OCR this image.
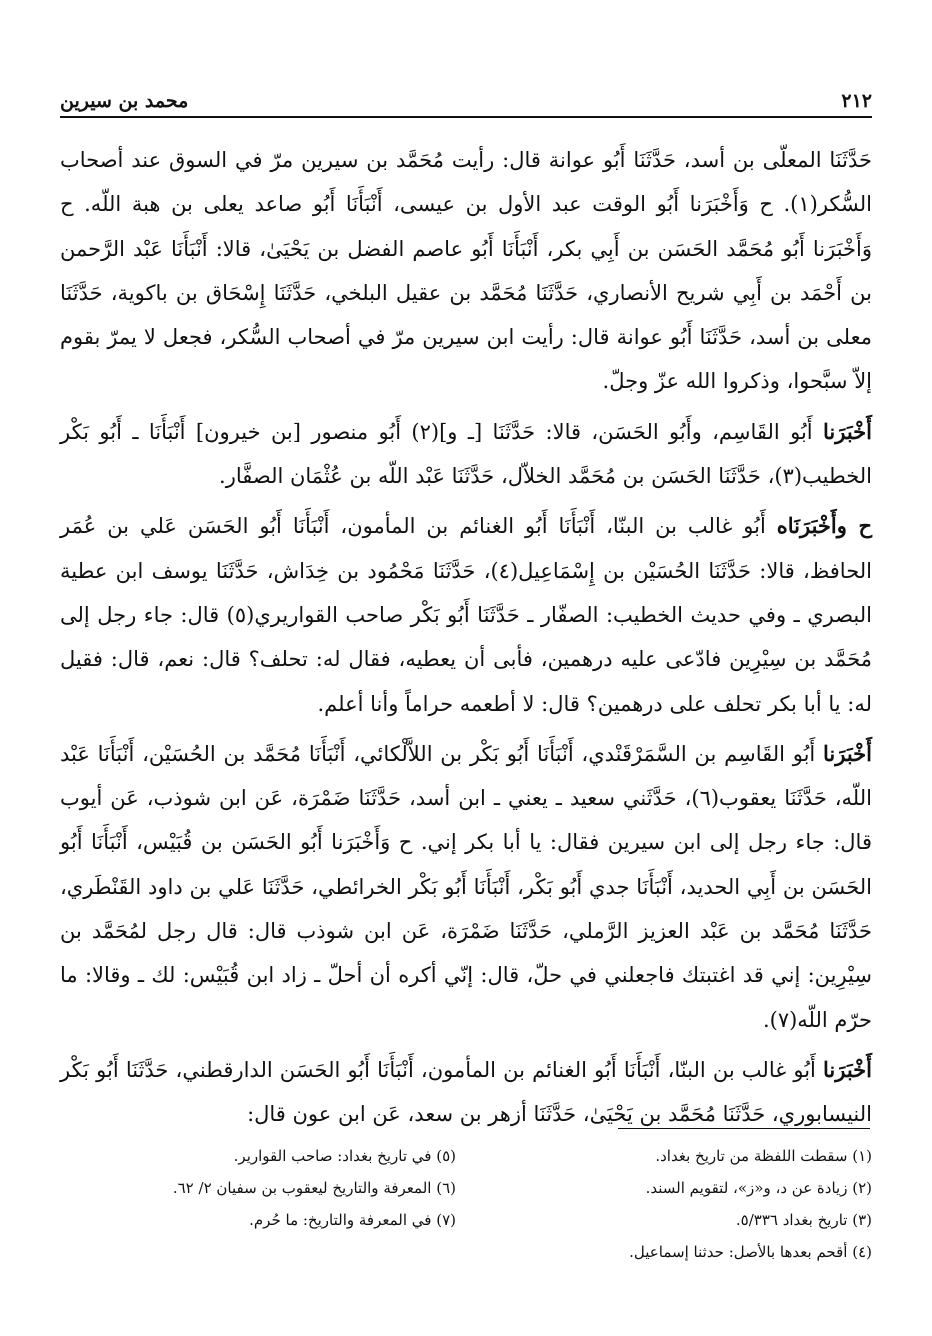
٢١٢
محمد بن سيرين

حَدَّثَنَا المعلّى بن أسد، حَدَّثَنَا أَبُو عوانة قال: رأيت مُحَمَّد بن سيرين مرّ في السوق عند أصحاب السُّكر(١). ح وَأَخْبَرَنا أَبُو الوقت عبد الأول بن عيسى، أَنْبَأَنَا أَبُو صاعد يعلى بن هبة اللّه. ح وَأَخْبَرَنا أَبُو مُحَمَّد الحَسَن بن أَبِي بكر، أَنْبَأَنَا أَبُو عاصم الفضل بن يَحْيَىٰ، قالا: أَنْبَأَنَا عَبْد الرَّحمن بن أَحْمَد بن أَبِي شريح الأنصاري، حَدَّثَنَا مُحَمَّد بن عقيل البلخي، حَدَّثَنَا إِسْحَاق بن باكوية، حَدَّثَنَا معلى بن أسد، حَدَّثَنَا أَبُو عوانة قال: رأيت ابن سيرين مرّ في أصحاب السُّكر، فجعل لا يمرّ بقوم إلاّ سبَّحوا، وذكروا الله عزّ وجلّ.

أَخْبَرَنا أَبُو القَاسِم، وأَبُو الحَسَن، قالا: حَدَّثَنَا [ـ و](٢) أَبُو منصور [بن خيرون] أَنْبَأَنَا ـ أَبُو بَكْر الخطيب(٣)، حَدَّثَنَا الحَسَن بن مُحَمَّد الخلاّل، حَدَّثَنَا عَبْد اللّه بن عُثْمَان الصفَّار.

ح وأَخْبَرَنَاه أَبُو غالب بن البنّا، أَنْبَأَنَا أَبُو الغنائم بن المأمون، أَنْبَأَنَا أَبُو الحَسَن عَلي بن عُمَر الحافظ، قالا: حَدَّثَنَا الحُسَيْن بن إِسْمَاعِيل(٤)، حَدَّثَنَا مَحْمُود بن خِدَاش، حَدَّثَنَا يوسف ابن عطية البصري ـ وفي حديث الخطيب: الصفّار ـ حَدَّثَنَا أَبُو بَكْر صاحب القواريري(٥) قال: جاء رجل إلى مُحَمَّد بن سِيْرِين فادّعى عليه درهمين، فأبى أن يعطيه، فقال له: تحلف؟ قال: نعم، قال: فقيل له: يا أبا بكر تحلف على درهمين؟ قال: لا أطعمه حراماً وأنا أعلم.

أَخْبَرَنا أَبُو القَاسِم بن السَّمَرْقَنْدي، أَنْبَأَنَا أَبُو بَكْر بن اللاَّلْكائي، أَنْبَأَنَا مُحَمَّد بن الحُسَيْن، أَنْبَأَنَا عَبْد اللّه، حَدَّثَنَا يعقوب(٦)، حَدَّثَني سعيد ـ يعني ـ ابن أسد، حَدَّثَنَا ضَمْرَة، عَن ابن شوذب، عَن أيوب قال: جاء رجل إلى ابن سيرين فقال: يا أبا بكر إني. ح وَأَخْبَرَنا أَبُو الحَسَن بن قُبَيْس، أَنْبَأَنَا أَبُو الحَسَن بن أَبِي الحديد، أَنْبَأَنَا جدي أَبُو بَكْر، أَنْبَأَنَا أَبُو بَكْر الخرائطي، حَدَّثَنَا عَلي بن داود القَنْطَري، حَدَّثَنَا مُحَمَّد بن عَبْد العزيز الرَّملي، حَدَّثَنَا ضَمْرَة، عَن ابن شوذب قال: قال رجل لمُحَمَّد بن سِيْرِين: إني قد اغتبتك فاجعلني في حلّ، قال: إنّي أكره أن أحلّ ـ زاد ابن قُبَيْس: لك ـ وقالا: ما حرّم اللّه(٧).

أَخْبَرَنا أَبُو غالب بن البنّا، أَنْبَأَنَا أَبُو الغنائم بن المأمون، أَنْبَأَنَا أَبُو الحَسَن الدارقطني، حَدَّثَنَا أَبُو بَكْر النيسابوري، حَدَّثَنَا مُحَمَّد بن يَحْيَىٰ، حَدَّثَنَا أزهر بن سعد، عَن ابن عون قال:

(١) سقطت اللفظة من تاريخ بغداد.
(٢) زيادة عن د، و«ز»، لتقويم السند.
(٣) تاريخ بغداد ٥/٣٣٦.
(٤) أقحم بعدها بالأصل: حدثنا إسماعيل.
(٥) في تاريخ بغداد: صاحب القوارير.
(٦) المعرفة والتاريخ ليعقوب بن سفيان ٢/ ٦٢.
(٧) في المعرفة والتاريخ: ما حُرم.
